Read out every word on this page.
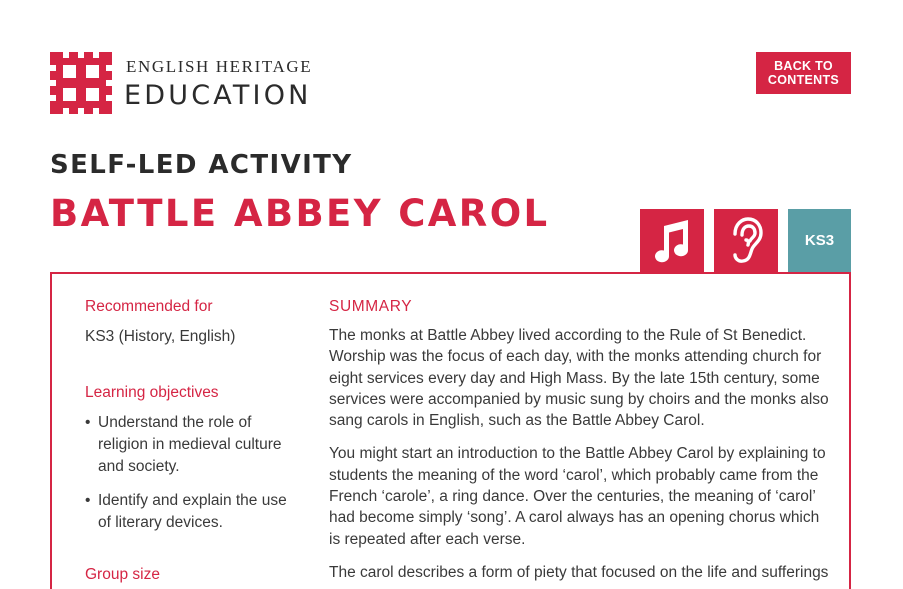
ENGLISH HERITAGE
EDUCATION
BACK TO
CONTENTS
SELF-LED ACTIVITY
BATTLE ABBEY CAROL
KS3
Recommended for
KS3 (History, English)
Learning objectives
• Understand the role of religion in medieval culture and society.
• Identify and explain the use of literary devices.
Group size
SUMMARY

The monks at Battle Abbey lived according to the Rule of St Benedict. Worship was the focus of each day, with the monks attending church for eight services every day and High Mass. By the late 15th century, some services were accompanied by music sung by choirs and the monks also sang carols in English, such as the Battle Abbey Carol.

You might start an introduction to the Battle Abbey Carol by explaining to students the meaning of the word ‘carol’, which probably came from the French ‘carole’, a ring dance. Over the centuries, the meaning of ‘carol’ had become simply ‘song’. A carol always has an opening chorus which is repeated after each verse.

The carol describes a form of piety that focused on the life and sufferings
